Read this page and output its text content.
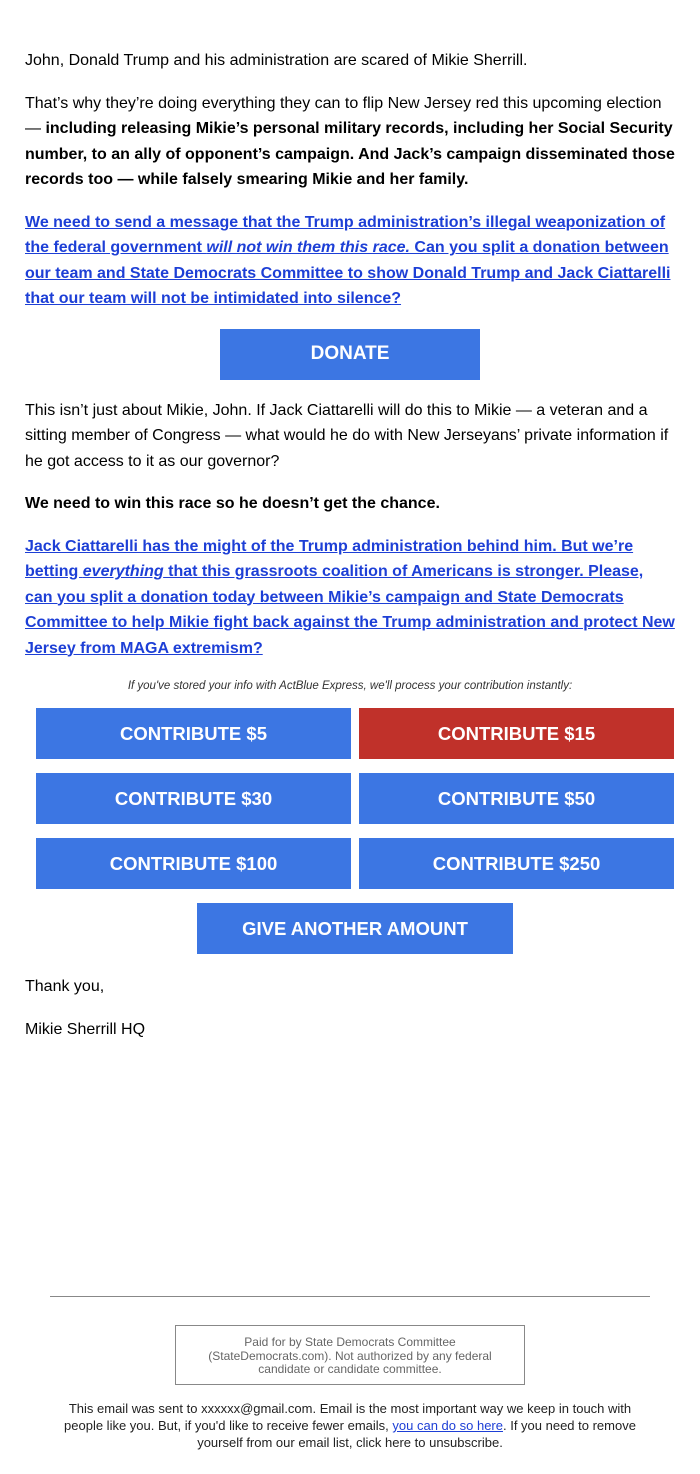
John, Donald Trump and his administration are scared of Mikie Sherrill.

That’s why they’re doing everything they can to flip New Jersey red this upcoming election — including releasing Mikie’s personal military records, including her Social Security number, to an ally of opponent’s campaign. And Jack’s campaign disseminated those records too — while falsely smearing Mikie and her family.

We need to send a message that the Trump administration’s illegal weaponization of the federal government will not win them this race. Can you split a donation between our team and State Democrats Committee to show Donald Trump and Jack Ciattarelli that our team will not be intimidated into silence?

DONATE

This isn’t just about Mikie, John. If Jack Ciattarelli will do this to Mikie — a veteran and a sitting member of Congress — what would he do with New Jerseyans’ private information if he got access to it as our governor?

We need to win this race so he doesn’t get the chance.

Jack Ciattarelli has the might of the Trump administration behind him. But we’re betting everything that this grassroots coalition of Americans is stronger. Please, can you split a donation today between Mikie’s campaign and State Democrats Committee to help Mikie fight back against the Trump administration and protect New Jersey from MAGA extremism?

If you've stored your info with ActBlue Express, we'll process your contribution instantly:
CONTRIBUTE $5	CONTRIBUTE $15
CONTRIBUTE $30	CONTRIBUTE $50
CONTRIBUTE $100	CONTRIBUTE $250
GIVE ANOTHER AMOUNT

Thank you,

Mikie Sherrill HQ

Paid for by State Democrats Committee (StateDemocrats.com). Not authorized by any federal candidate or candidate committee.
This email was sent to xxxxxx@gmail.com. Email is the most important way we keep in touch with people like you. But, if you'd like to receive fewer emails, you can do so here. If you need to remove yourself from our email list, click here to unsubscribe.
